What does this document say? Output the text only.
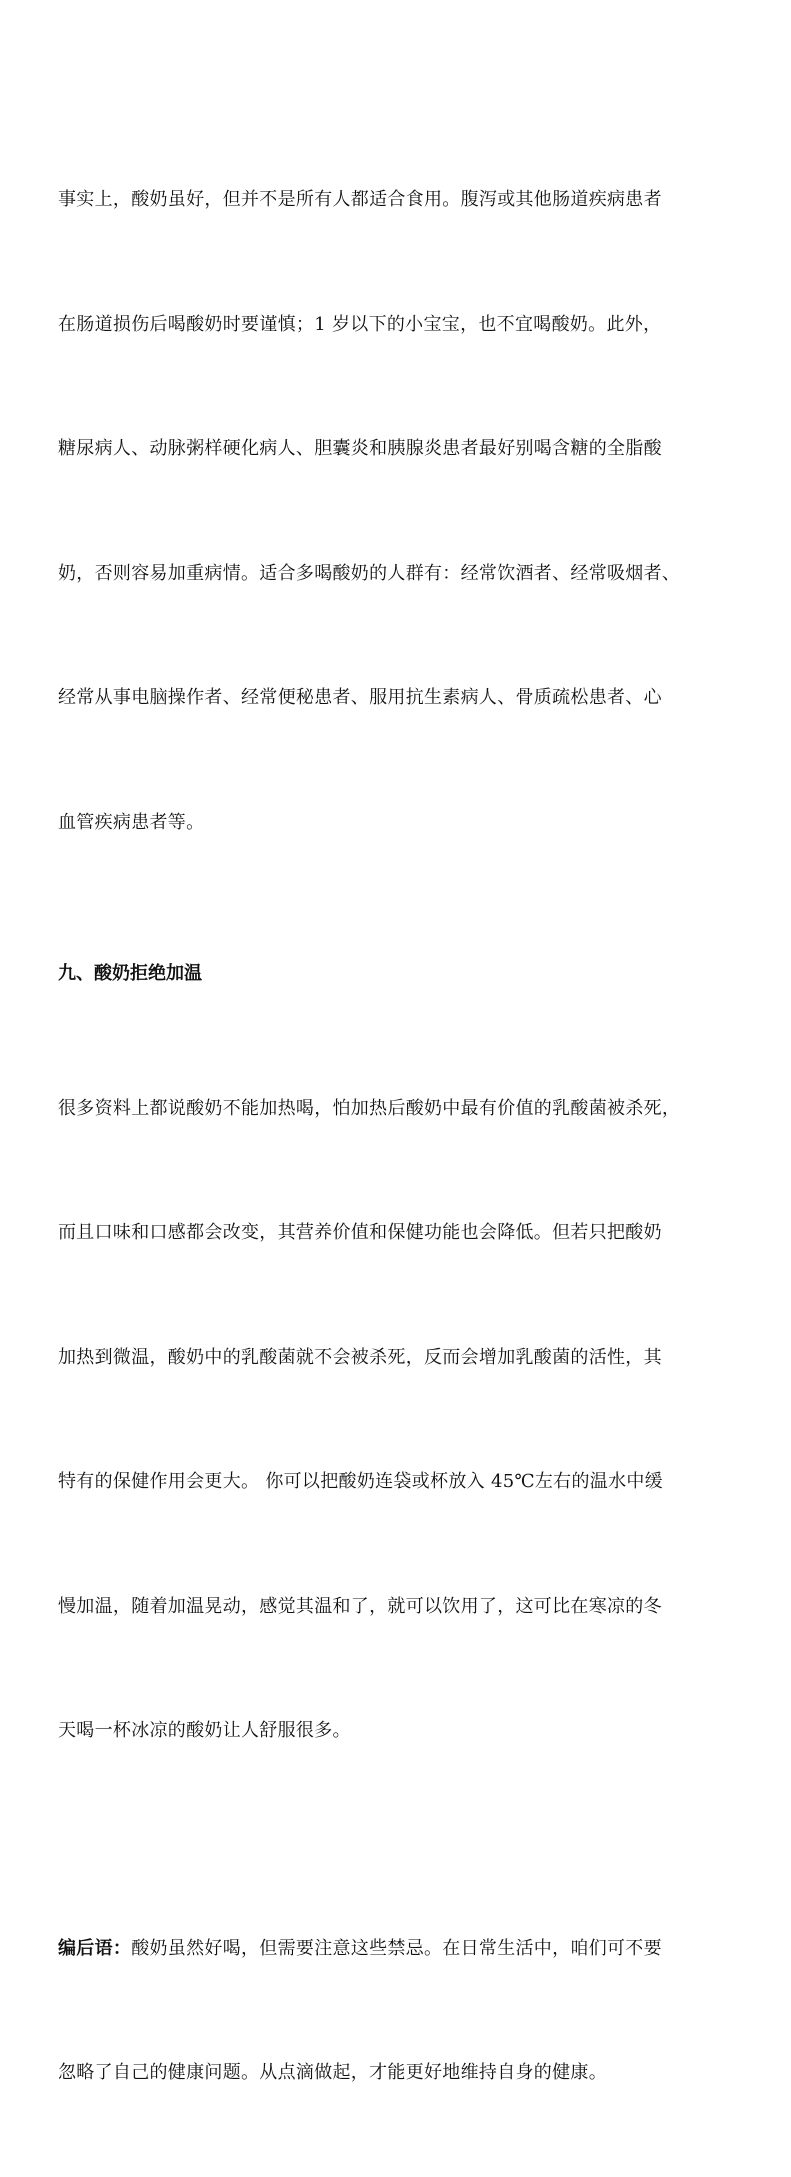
事实上，酸奶虽好，但并不是所有人都适合食用。腹泻或其他肠道疾病患者

在肠道损伤后喝酸奶时要谨慎；1 岁以下的小宝宝，也不宜喝酸奶。此外，

糖尿病人、动脉粥样硬化病人、胆囊炎和胰腺炎患者最好别喝含糖的全脂酸

奶，否则容易加重病情。适合多喝酸奶的人群有：经常饮酒者、经常吸烟者、

经常从事电脑操作者、经常便秘患者、服用抗生素病人、骨质疏松患者、心

血管疾病患者等。

九、酸奶拒绝加温

很多资料上都说酸奶不能加热喝，怕加热后酸奶中最有价值的乳酸菌被杀死，

而且口味和口感都会改变，其营养价值和保健功能也会降低。但若只把酸奶

加热到微温，酸奶中的乳酸菌就不会被杀死，反而会增加乳酸菌的活性，其

特有的保健作用会更大。 你可以把酸奶连袋或杯放入 45℃左右的温水中缓

慢加温，随着加温晃动，感觉其温和了，就可以饮用了，这可比在寒凉的冬

天喝一杯冰凉的酸奶让人舒服很多。

编后语：酸奶虽然好喝，但需要注意这些禁忌。在日常生活中，咱们可不要

忽略了自己的健康问题。从点滴做起，才能更好地维持自身的健康。
